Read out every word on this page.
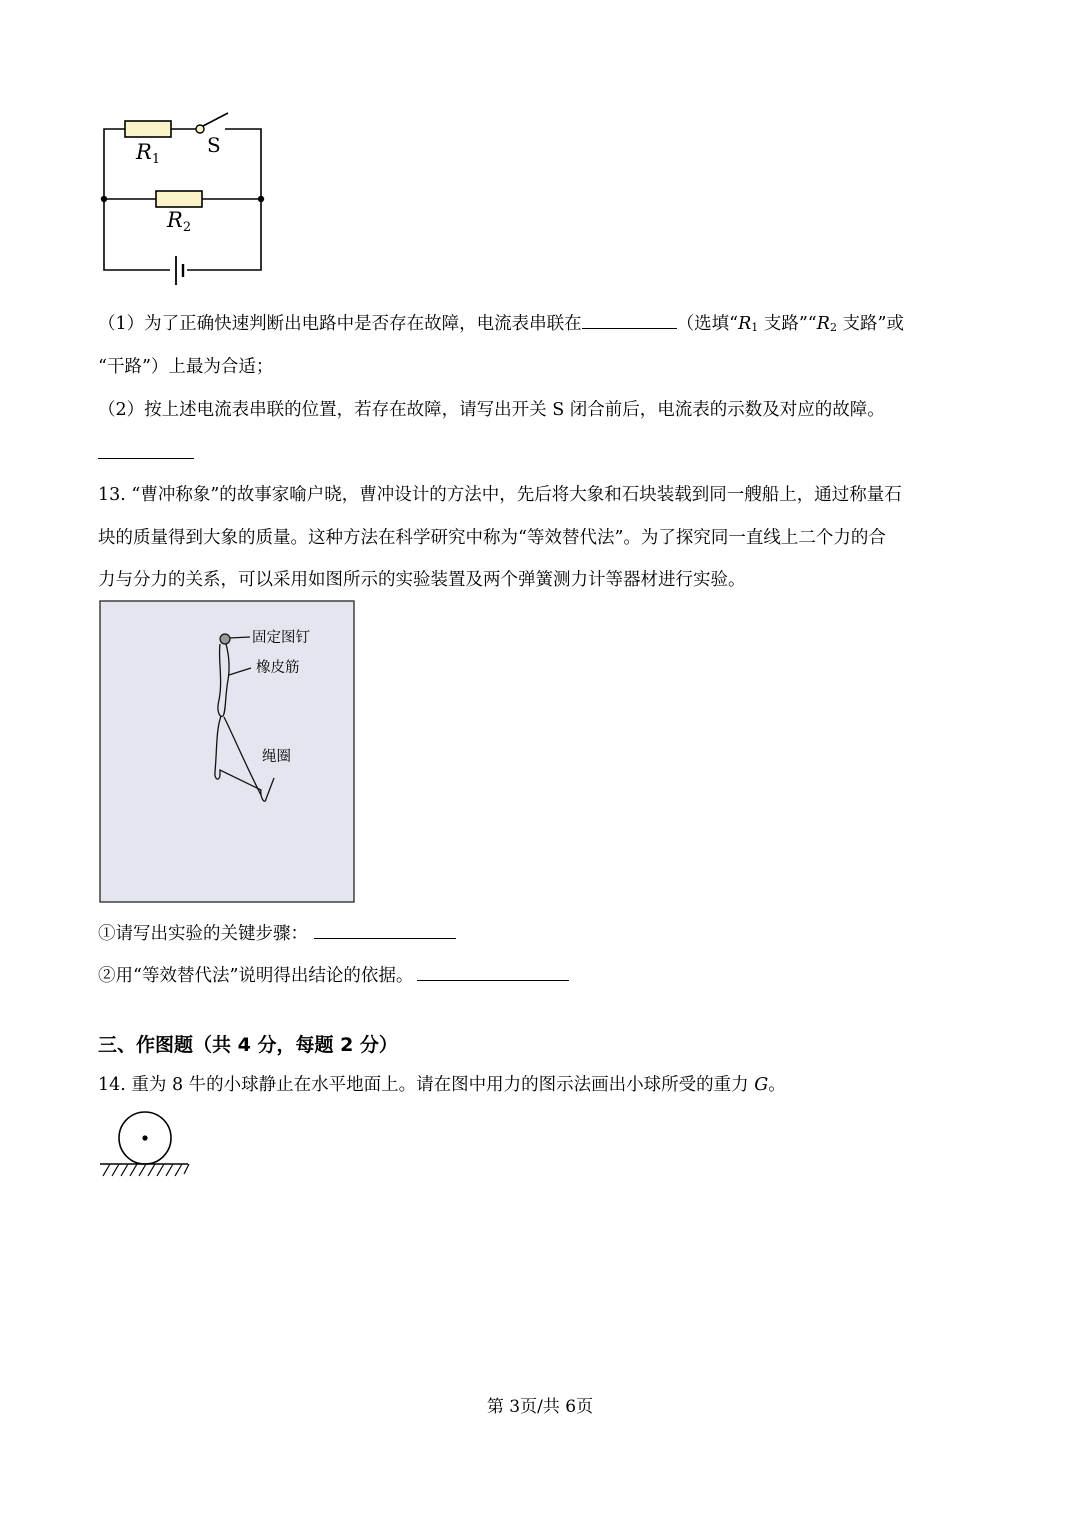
R1
S
R2
（1）为了正确快速判断出电路中是否存在故障，电流表串联在	（选填“R1 支路”“R2 支路”或
“干路”）上最为合适；
（2）按上述电流表串联的位置，若存在故障，请写出开关 S 闭合前后，电流表的示数及对应的故障。
13. “曹冲称象”的故事家喻户晓，曹冲设计的方法中，先后将大象和石块装载到同一艘船上，通过称量石
块的质量得到大象的质量。这种方法在科学研究中称为“等效替代法”。为了探究同一直线上二个力的合
力与分力的关系，可以采用如图所示的实验装置及两个弹簧测力计等器材进行实验。
固定图钉
橡皮筋
绳圈
①请写出实验的关键步骤：
②用“等效替代法”说明得出结论的依据。
三、作图题（共 4 分，每题 2 分）
14. 重为 8 牛的小球静止在水平地面上。请在图中用力的图示法画出小球所受的重力 G。
第 3页/共 6页
